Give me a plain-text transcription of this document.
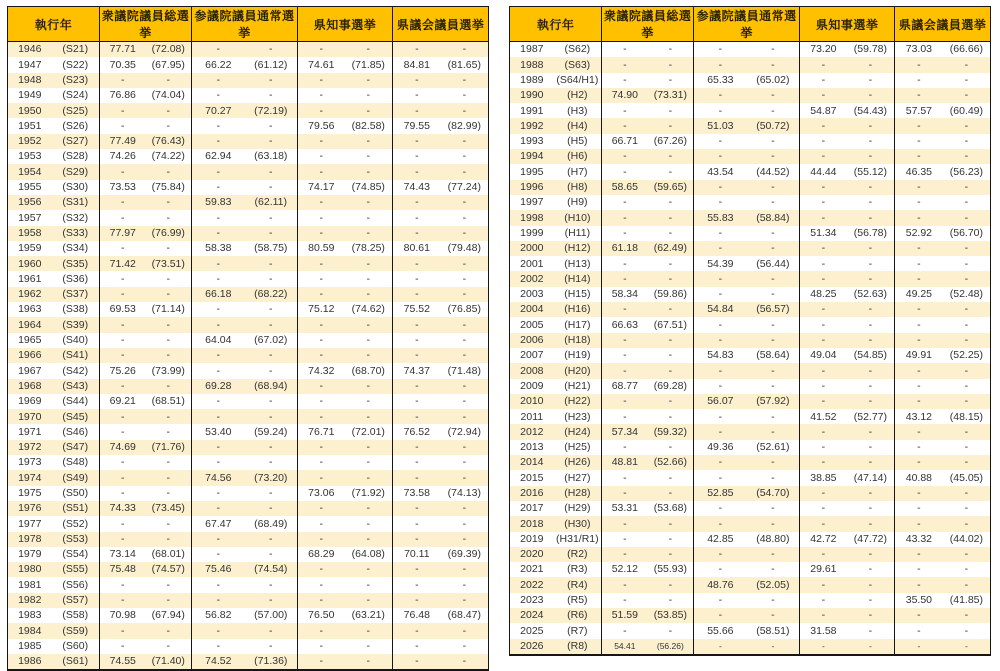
執行年		衆議院議員総選挙		参議院議員通常選挙		県知事選挙		県議会議員選挙	
1946	(S21)	77.71	(72.08)	-	-	-	-	-	-
1947	(S22)	70.35	(67.95)	66.22	(61.12)	74.61	(71.85)	84.81	(81.65)
1948	(S23)	-	-	-	-	-	-	-	-
1949	(S24)	76.86	(74.04)	-	-	-	-	-	-
1950	(S25)	-	-	70.27	(72.19)	-	-	-	-
1951	(S26)	-	-	-	-	79.56	(82.58)	79.55	(82.99)
1952	(S27)	77.49	(76.43)	-	-	-	-	-	-
1953	(S28)	74.26	(74.22)	62.94	(63.18)	-	-	-	-
1954	(S29)	-	-	-	-	-	-	-	-
1955	(S30)	73.53	(75.84)	-	-	74.17	(74.85)	74.43	(77.24)
1956	(S31)	-	-	59.83	(62.11)	-	-	-	-
1957	(S32)	-	-	-	-	-	-	-	-
1958	(S33)	77.97	(76.99)	-	-	-	-	-	-
1959	(S34)	-	-	58.38	(58.75)	80.59	(78.25)	80.61	(79.48)
1960	(S35)	71.42	(73.51)	-	-	-	-	-	-
1961	(S36)	-	-	-	-	-	-	-	-
1962	(S37)	-	-	66.18	(68.22)	-	-	-	-
1963	(S38)	69.53	(71.14)	-	-	75.12	(74.62)	75.52	(76.85)
1964	(S39)	-	-	-	-	-	-	-	-
1965	(S40)	-	-	64.04	(67.02)	-	-	-	-
1966	(S41)	-	-	-	-	-	-	-	-
1967	(S42)	75.26	(73.99)	-	-	74.32	(68.70)	74.37	(71.48)
1968	(S43)	-	-	69.28	(68.94)	-	-	-	-
1969	(S44)	69.21	(68.51)	-	-	-	-	-	-
1970	(S45)	-	-	-	-	-	-	-	-
1971	(S46)	-	-	53.40	(59.24)	76.71	(72.01)	76.52	(72.94)
1972	(S47)	74.69	(71.76)	-	-	-	-	-	-
1973	(S48)	-	-	-	-	-	-	-	-
1974	(S49)	-	-	74.56	(73.20)	-	-	-	-
1975	(S50)	-	-	-	-	73.06	(71.92)	73.58	(74.13)
1976	(S51)	74.33	(73.45)	-	-	-	-	-	-
1977	(S52)	-	-	67.47	(68.49)	-	-	-	-
1978	(S53)	-	-	-	-	-	-	-	-
1979	(S54)	73.14	(68.01)	-	-	68.29	(64.08)	70.11	(69.39)
1980	(S55)	75.48	(74.57)	75.46	(74.54)	-	-	-	-
1981	(S56)	-	-	-	-	-	-	-	-
1982	(S57)	-	-	-	-	-	-	-	-
1983	(S58)	70.98	(67.94)	56.82	(57.00)	76.50	(63.21)	76.48	(68.47)
1984	(S59)	-	-	-	-	-	-	-	-
1985	(S60)	-	-	-	-	-	-	-	-
1986	(S61)	74.55	(71.40)	74.52	(71.36)	-	-	-	-
執行年		衆議院議員総選挙		参議院議員通常選挙		県知事選挙		県議会議員選挙	
1987	(S62)	-	-	-	-	73.20	(59.78)	73.03	(66.66)
1988	(S63)	-	-	-	-	-	-	-	-
1989	(S64/H1)	-	-	65.33	(65.02)	-	-	-	-
1990	(H2)	74.90	(73.31)	-	-	-	-	-	-
1991	(H3)	-	-	-	-	54.87	(54.43)	57.57	(60.49)
1992	(H4)	-	-	51.03	(50.72)	-	-	-	-
1993	(H5)	66.71	(67.26)	-	-	-	-	-	-
1994	(H6)	-	-	-	-	-	-	-	-
1995	(H7)	-	-	43.54	(44.52)	44.44	(55.12)	46.35	(56.23)
1996	(H8)	58.65	(59.65)	-	-	-	-	-	-
1997	(H9)	-	-	-	-	-	-	-	-
1998	(H10)	-	-	55.83	(58.84)	-	-	-	-
1999	(H11)	-	-	-	-	51.34	(56.78)	52.92	(56.70)
2000	(H12)	61.18	(62.49)	-	-	-	-	-	-
2001	(H13)	-	-	54.39	(56.44)	-	-	-	-
2002	(H14)	-	-	-	-	-	-	-	-
2003	(H15)	58.34	(59.86)	-	-	48.25	(52.63)	49.25	(52.48)
2004	(H16)	-	-	54.84	(56.57)	-	-	-	-
2005	(H17)	66.63	(67.51)	-	-	-	-	-	-
2006	(H18)	-	-	-	-	-	-	-	-
2007	(H19)	-	-	54.83	(58.64)	49.04	(54.85)	49.91	(52.25)
2008	(H20)	-	-	-	-	-	-	-	-
2009	(H21)	68.77	(69.28)	-	-	-	-	-	-
2010	(H22)	-	-	56.07	(57.92)	-	-	-	-
2011	(H23)	-	-	-	-	41.52	(52.77)	43.12	(48.15)
2012	(H24)	57.34	(59.32)	-	-	-	-	-	-
2013	(H25)	-	-	49.36	(52.61)	-	-	-	-
2014	(H26)	48.81	(52.66)	-	-	-	-	-	-
2015	(H27)	-	-	-	-	38.85	(47.14)	40.88	(45.05)
2016	(H28)	-	-	52.85	(54.70)	-	-	-	-
2017	(H29)	53.31	(53.68)	-	-	-	-	-	-
2018	(H30)	-	-	-	-	-	-	-	-
2019	(H31/R1)	-	-	42.85	(48.80)	42.72	(47.72)	43.32	(44.02)
2020	(R2)	-	-	-	-	-	-	-	-
2021	(R3)	52.12	(55.93)	-	-	29.61	-	-	-
2022	(R4)	-	-	48.76	(52.05)	-	-	-	-
2023	(R5)	-	-	-	-	-	-	35.50	(41.85)
2024	(R6)	51.59	(53.85)	-	-	-	-	-	-
2025	(R7)	-	-	55.66	(58.51)	31.58	-	-	-
2026	(R8)	54.41	(56.26)	-	-	-	-	-	-
